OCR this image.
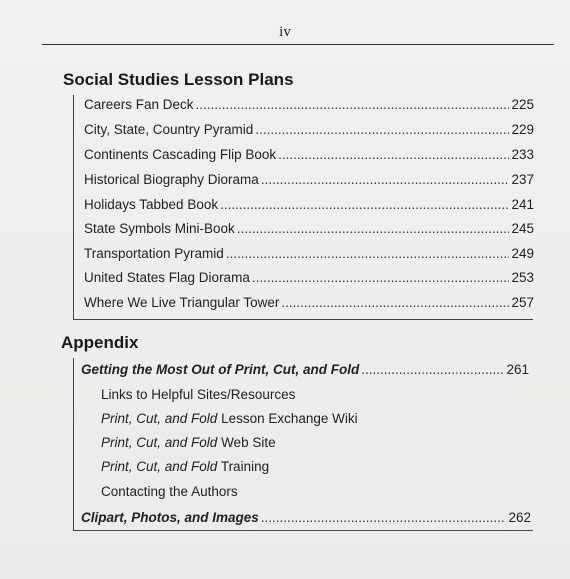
iv
Social Studies Lesson Plans
Careers Fan Deck .....	225
City, State, Country Pyramid .....	229
Continents Cascading Flip Book .....	233
Historical Biography Diorama .....	237
Holidays Tabbed Book .....	241
State Symbols Mini-Book .....	245
Transportation Pyramid .....	249
United States Flag Diorama .....	253
Where We Live Triangular Tower .....	257
Appendix
Getting the Most Out of Print, Cut, and Fold .....	261
Links to Helpful Sites/Resources
Print, Cut, and Fold Lesson Exchange Wiki
Print, Cut, and Fold Web Site
Print, Cut, and Fold Training
Contacting the Authors
Clipart, Photos, and Images .....	262
